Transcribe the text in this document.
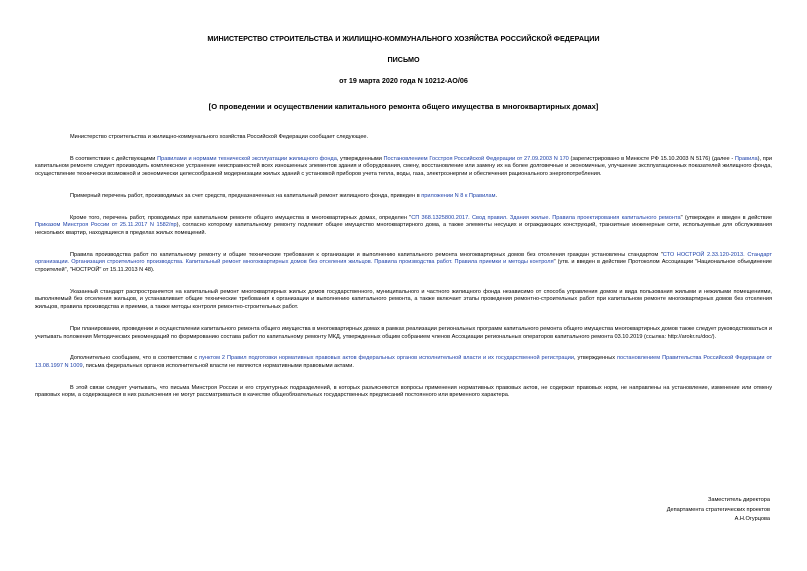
МИНИСТЕРСТВО СТРОИТЕЛЬСТВА И ЖИЛИЩНО-КОММУНАЛЬНОГО ХОЗЯЙСТВА РОССИЙСКОЙ ФЕДЕРАЦИИ
ПИСЬМО
от 19 марта 2020 года N 10212-АО/06
[О проведении и осуществлении капитального ремонта общего имущества в многоквартирных домах]

Министерство строительства и жилищно-коммунального хозяйства Российской Федерации сообщает следующее.

В соответствии с действующими Правилами и нормами технической эксплуатации жилищного фонда, утвержденными Постановлением Госстроя Российской Федерации от 27.09.2003 N 170 (зарегистрировано в Минюсте РФ 15.10.2003 N 5176) (далее - Правила), при капитальном ремонте следует производить комплексное устранение неисправностей всех изношенных элементов здания и оборудования, смену, восстановление или замену их на более долговечные и экономичные, улучшение эксплуатационных показателей жилищного фонда, осуществление технически возможной и экономически целесообразной модернизации жилых зданий с установкой приборов учета тепла, воды, газа, электроэнергии и обеспечения рационального энергопотребления.

Примерный перечень работ, производимых за счет средств, предназначенных на капитальный ремонт жилищного фонда, приведен в приложении N 8 к Правилам.

Кроме того, перечень работ, проводимых при капитальном ремонте общего имущества в многоквартирных домах, определен "СП 368.1325800.2017. Свод правил. Здания жилые. Правила проектирования капитального ремонта" (утвержден и введен в действие Приказом Минстроя России от 25.11.2017 N 1582/пр), согласно которому капитальному ремонту подлежит общее имущество многоквартирного дома, а также элементы несущих и ограждающих конструкций, транзитные инженерные сети, используемые для обслуживания нескольких квартир, находящиеся в пределах жилых помещений.

Правила производства работ по капитальному ремонту и общие технические требования к организации и выполнению капитального ремонта многоквартирных домов без отселения граждан установлены стандартом "СТО НОСТРОЙ 2.33.120-2013. Стандарт организации. Организация строительного производства. Капитальный ремонт многоквартирных домов без отселения жильцов. Правила производства работ. Правила приемки и методы контроля" (утв. и введен в действие Протоколом Ассоциации "Национальное объединение строителей", "НОСТРОЙ" от 15.11.2013 N 48).

Указанный стандарт распространяется на капитальный ремонт многоквартирных жилых домов государственного, муниципального и частного жилищного фонда независимо от способа управления домом и вида пользования жилыми и нежилыми помещениями, выполняемый без отселения жильцов, и устанавливает общие технические требования к организации и выполнению капитального ремонта, а также включает этапы проведения ремонтно-строительных работ при капитальном ремонте многоквартирных домов без отселения жильцов, правила производства и приемки, а также методы контроля ремонтно-строительных работ.

При планировании, проведении и осуществлении капитального ремонта общего имущества в многоквартирных домах в рамках реализации региональных программ капитального ремонта общего имущества многоквартирных домов также следует руководствоваться и учитывать положения Методических рекомендаций по формированию состава работ по капитальному ремонту МКД, утвержденных общим собранием членов Ассоциации региональных операторов капитального ремонта 03.10.2019 (ссылка: http://arokr.ru/doc/).

Дополнительно сообщаем, что в соответствии с пунктом 2 Правил подготовки нормативных правовых актов федеральных органов исполнительной власти и их государственной регистрации, утвержденных постановлением Правительства Российской Федерации от 13.08.1997 N 1009, письма федеральных органов исполнительной власти не являются нормативными правовыми актами.

В этой связи следует учитывать, что письма Минстроя России и его структурных подразделений, в которых разъясняются вопросы применения нормативных правовых актов, не содержат правовых норм, не направлены на установление, изменение или отмену правовых норм, а содержащиеся в них разъяснения не могут рассматриваться в качестве общеобязательных государственных предписаний постоянного или временного характера.

Заместитель директора
Департамента стратегических проектов
А.Н.Огурцова
